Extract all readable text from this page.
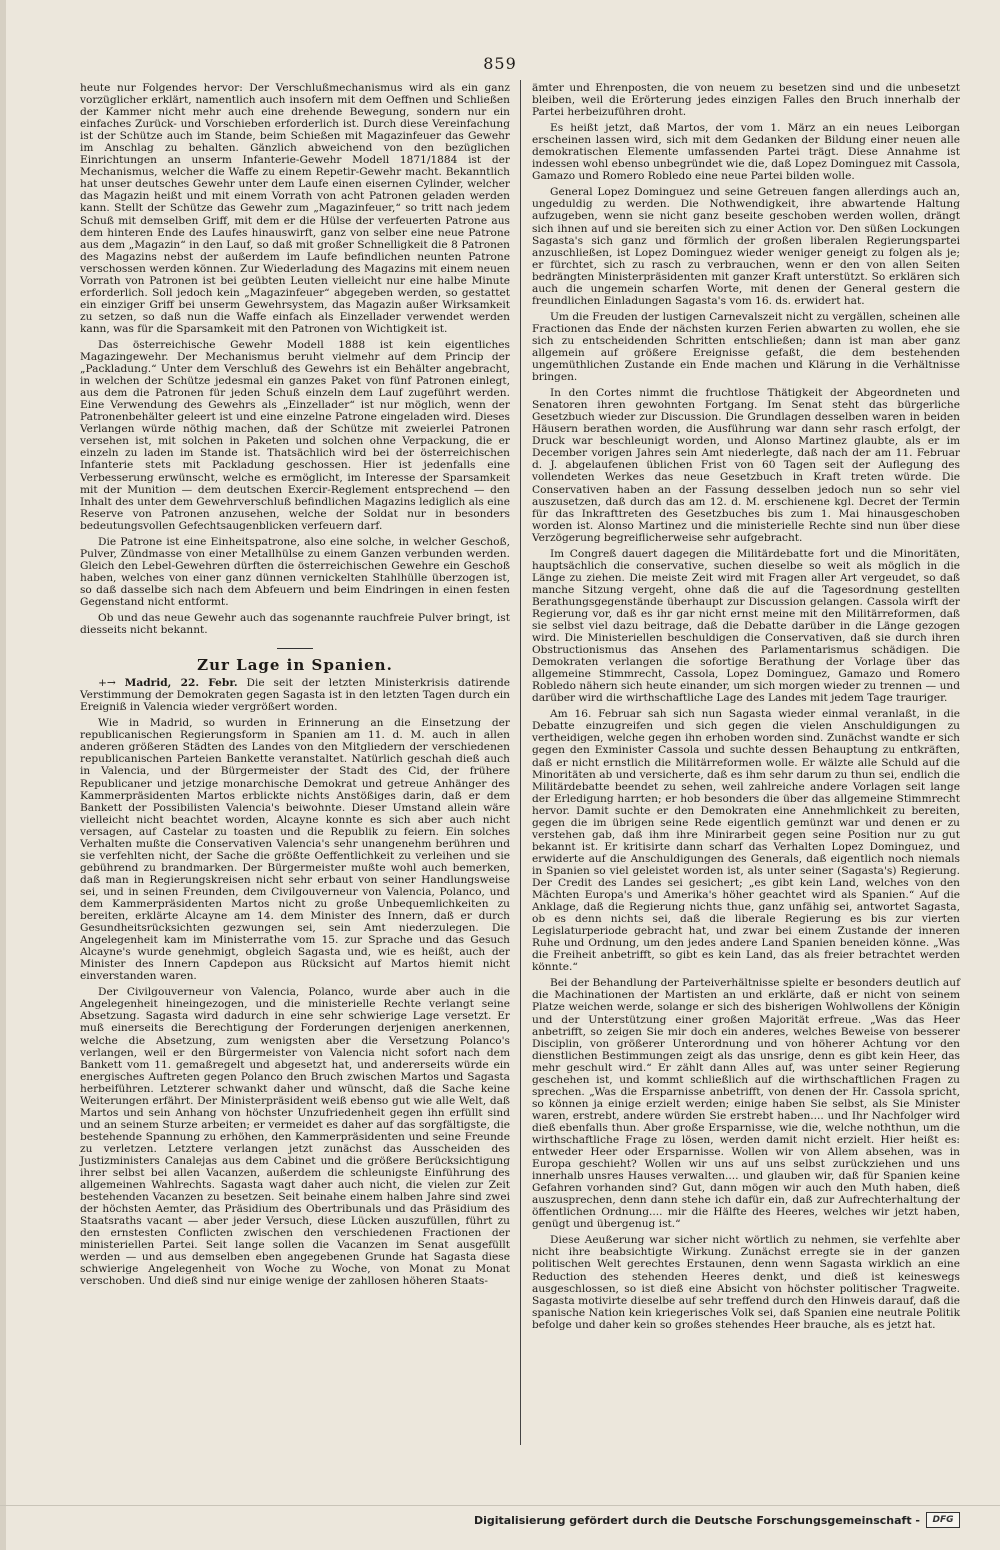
859

heute nur Folgendes hervor: Der Verschlußmechanismus wird als ein ganz vorzüglicher erklärt, namentlich auch insofern mit dem Oeffnen und Schließen der Kammer nicht mehr auch eine drehende Bewegung, sondern nur ein einfaches Zurück- und Vorschieben erforderlich ist. Durch diese Vereinfachung ist der Schütze auch im Stande, beim Schießen mit Magazinfeuer das Gewehr im Anschlag zu behalten. Gänzlich abweichend von den bezüglichen Einrichtungen an unserm Infanterie-Gewehr Modell 1871/1884 ist der Mechanismus, welcher die Waffe zu einem Repetir-Gewehr macht. Bekanntlich hat unser deutsches Gewehr unter dem Laufe einen eisernen Cylinder, welcher das Magazin heißt und mit einem Vorrath von acht Patronen geladen werden kann. Stellt der Schütze das Gewehr zum „Magazinfeuer,“ so tritt nach jedem Schuß mit demselben Griff, mit dem er die Hülse der verfeuerten Patrone aus dem hinteren Ende des Laufes hinauswirft, ganz von selber eine neue Patrone aus dem „Magazin“ in den Lauf, so daß mit großer Schnelligkeit die 8 Patronen des Magazins nebst der außerdem im Laufe befindlichen neunten Patrone verschossen werden können. Zur Wiederladung des Magazins mit einem neuen Vorrath von Patronen ist bei geübten Leuten vielleicht nur eine halbe Minute erforderlich. Soll jedoch kein „Magazinfeuer“ abgegeben werden, so gestattet ein einziger Griff bei unserm Gewehrsystem, das Magazin außer Wirksamkeit zu setzen, so daß nun die Waffe einfach als Einzellader verwendet werden kann, was für die Sparsamkeit mit den Patronen von Wichtigkeit ist.

Das österreichische Gewehr Modell 1888 ist kein eigentliches Magazingewehr. Der Mechanismus beruht vielmehr auf dem Princip der „Packladung.“ Unter dem Verschluß des Gewehrs ist ein Behälter angebracht, in welchen der Schütze jedesmal ein ganzes Paket von fünf Patronen einlegt, aus dem die Patronen für jeden Schuß einzeln dem Lauf zugeführt werden. Eine Verwendung des Gewehrs als „Einzellader“ ist nur möglich, wenn der Patronenbehälter geleert ist und eine einzelne Patrone eingeladen wird. Dieses Verlangen würde nöthig machen, daß der Schütze mit zweierlei Patronen versehen ist, mit solchen in Paketen und solchen ohne Verpackung, die er einzeln zu laden im Stande ist. Thatsächlich wird bei der österreichischen Infanterie stets mit Packladung geschossen. Hier ist jedenfalls eine Verbesserung erwünscht, welche es ermöglicht, im Interesse der Sparsamkeit mit der Munition — dem deutschen Exercir-Reglement entsprechend — den Inhalt des unter dem Gewehrverschluß befindlichen Magazins lediglich als eine Reserve von Patronen anzusehen, welche der Soldat nur in besonders bedeutungsvollen Gefechtsaugenblicken verfeuern darf.

Die Patrone ist eine Einheitspatrone, also eine solche, in welcher Geschoß, Pulver, Zündmasse von einer Metallhülse zu einem Ganzen verbunden werden. Gleich den Lebel-Gewehren dürften die österreichischen Gewehre ein Geschoß haben, welches von einer ganz dünnen vernickelten Stahlhülle überzogen ist, so daß dasselbe sich nach dem Abfeuern und beim Eindringen in einen festen Gegenstand nicht entformt.

Ob und das neue Gewehr auch das sogenannte rauchfreie Pulver bringt, ist diesseits nicht bekannt.

Zur Lage in Spanien.

+→ Madrid, 22. Febr. Die seit der letzten Ministerkrisis datirende Verstimmung der Demokraten gegen Sagasta ist in den letzten Tagen durch ein Ereigniß in Valencia wieder vergrößert worden.

Wie in Madrid, so wurden in Erinnerung an die Einsetzung der republicanischen Regierungsform in Spanien am 11. d. M. auch in allen anderen größeren Städten des Landes von den Mitgliedern der verschiedenen republicanischen Parteien Bankette veranstaltet. Natürlich geschah dieß auch in Valencia, und der Bürgermeister der Stadt des Cid, der frühere Republicaner und jetzige monarchische Demokrat und getreue Anhänger des Kammerpräsidenten Martos erblickte nichts Anstößiges darin, daß er dem Bankett der Possibilisten Valencia's beiwohnte. Dieser Umstand allein wäre vielleicht nicht beachtet worden, Alcayne konnte es sich aber auch nicht versagen, auf Castelar zu toasten und die Republik zu feiern. Ein solches Verhalten mußte die Conservativen Valencia's sehr unangenehm berühren und sie verfehlten nicht, der Sache die größte Oeffentlichkeit zu verleihen und sie gebührend zu brandmarken. Der Bürgermeister mußte wohl auch bemerken, daß man in Regierungskreisen nicht sehr erbaut von seiner Handlungsweise sei, und in seinen Freunden, dem Civilgouverneur von Valencia, Polanco, und dem Kammerpräsidenten Martos nicht zu große Unbequemlichkeiten zu bereiten, erklärte Alcayne am 14. dem Minister des Innern, daß er durch Gesundheitsrücksichten gezwungen sei, sein Amt niederzulegen. Die Angelegenheit kam im Ministerrathe vom 15. zur Sprache und das Gesuch Alcayne's wurde genehmigt, obgleich Sagasta und, wie es heißt, auch der Minister des Innern Capdepon aus Rücksicht auf Martos hiemit nicht einverstanden waren.

Der Civilgouverneur von Valencia, Polanco, wurde aber auch in die Angelegenheit hineingezogen, und die ministerielle Rechte verlangt seine Absetzung. Sagasta wird dadurch in eine sehr schwierige Lage versetzt. Er muß einerseits die Berechtigung der Forderungen derjenigen anerkennen, welche die Absetzung, zum wenigsten aber die Versetzung Polanco's verlangen, weil er den Bürgermeister von Valencia nicht sofort nach dem Bankett vom 11. gemaßregelt und abgesetzt hat, und andererseits würde ein energisches Auftreten gegen Polanco den Bruch zwischen Martos und Sagasta herbeiführen. Letzterer schwankt daher und wünscht, daß die Sache keine Weiterungen erfährt. Der Ministerpräsident weiß ebenso gut wie alle Welt, daß Martos und sein Anhang von höchster Unzufriedenheit gegen ihn erfüllt sind und an seinem Sturze arbeiten; er vermeidet es daher auf das sorgfältigste, die bestehende Spannung zu erhöhen, den Kammerpräsidenten und seine Freunde zu verletzen. Letztere verlangen jetzt zunächst das Ausscheiden des Justizministers Canalejas aus dem Cabinet und die größere Berücksichtigung ihrer selbst bei allen Vacanzen, außerdem die schleunigste Einführung des allgemeinen Wahlrechts. Sagasta wagt daher auch nicht, die vielen zur Zeit bestehenden Vacanzen zu besetzen. Seit beinahe einem halben Jahre sind zwei der höchsten Aemter, das Präsidium des Obertribunals und das Präsidium des Staatsraths vacant — aber jeder Versuch, diese Lücken auszufüllen, führt zu den ernstesten Conflicten zwischen den verschiedenen Fractionen der ministeriellen Partei. Seit lange sollen die Vacanzen im Senat ausgefüllt werden — und aus demselben eben angegebenen Grunde hat Sagasta diese schwierige Angelegenheit von Woche zu Woche, von Monat zu Monat verschoben. Und dieß sind nur einige wenige der zahllosen höheren Staats-

ämter und Ehrenposten, die von neuem zu besetzen sind und die unbesetzt bleiben, weil die Erörterung jedes einzigen Falles den Bruch innerhalb der Partei herbeizuführen droht.

Es heißt jetzt, daß Martos, der vom 1. März an ein neues Leiborgan erscheinen lassen wird, sich mit dem Gedanken der Bildung einer neuen alle demokratischen Elemente umfassenden Partei trägt. Diese Annahme ist indessen wohl ebenso unbegründet wie die, daß Lopez Dominguez mit Cassola, Gamazo und Romero Robledo eine neue Partei bilden wolle.

General Lopez Dominguez und seine Getreuen fangen allerdings auch an, ungeduldig zu werden. Die Nothwendigkeit, ihre abwartende Haltung aufzugeben, wenn sie nicht ganz beseite geschoben werden wollen, drängt sich ihnen auf und sie bereiten sich zu einer Action vor. Den süßen Lockungen Sagasta's sich ganz und förmlich der großen liberalen Regierungspartei anzuschließen, ist Lopez Dominguez wieder weniger geneigt zu folgen als je; er fürchtet, sich zu rasch zu verbrauchen, wenn er den von allen Seiten bedrängten Ministerpräsidenten mit ganzer Kraft unterstützt. So erklären sich auch die ungemein scharfen Worte, mit denen der General gestern die freundlichen Einladungen Sagasta's vom 16. ds. erwidert hat.

Um die Freuden der lustigen Carnevalszeit nicht zu vergällen, scheinen alle Fractionen das Ende der nächsten kurzen Ferien abwarten zu wollen, ehe sie sich zu entscheidenden Schritten entschließen; dann ist man aber ganz allgemein auf größere Ereignisse gefaßt, die dem bestehenden ungemüthlichen Zustande ein Ende machen und Klärung in die Verhältnisse bringen.

In den Cortes nimmt die fruchtlose Thätigkeit der Abgeordneten und Senatoren ihren gewohnten Fortgang. Im Senat steht das bürgerliche Gesetzbuch wieder zur Discussion. Die Grundlagen desselben waren in beiden Häusern berathen worden, die Ausführung war dann sehr rasch erfolgt, der Druck war beschleunigt worden, und Alonso Martinez glaubte, als er im December vorigen Jahres sein Amt niederlegte, daß nach der am 11. Februar d. J. abgelaufenen üblichen Frist von 60 Tagen seit der Auflegung des vollendeten Werkes das neue Gesetzbuch in Kraft treten würde. Die Conservativen haben an der Fassung desselben jedoch nun so sehr viel auszusetzen, daß durch das am 12. d. M. erschienene kgl. Decret der Termin für das Inkrafttreten des Gesetzbuches bis zum 1. Mai hinausgeschoben worden ist. Alonso Martinez und die ministerielle Rechte sind nun über diese Verzögerung begreiflicherweise sehr aufgebracht.

Im Congreß dauert dagegen die Militärdebatte fort und die Minoritäten, hauptsächlich die conservative, suchen dieselbe so weit als möglich in die Länge zu ziehen. Die meiste Zeit wird mit Fragen aller Art vergeudet, so daß manche Sitzung vergeht, ohne daß die auf die Tagesordnung gestellten Berathungsgegenstände überhaupt zur Discussion gelangen. Cassola wirft der Regierung vor, daß es ihr gar nicht ernst meine mit den Militärreformen, daß sie selbst viel dazu beitrage, daß die Debatte darüber in die Länge gezogen wird. Die Ministeriellen beschuldigen die Conservativen, daß sie durch ihren Obstructionismus das Ansehen des Parlamentarismus schädigen. Die Demokraten verlangen die sofortige Berathung der Vorlage über das allgemeine Stimmrecht, Cassola, Lopez Dominguez, Gamazo und Romero Robledo nähern sich heute einander, um sich morgen wieder zu trennen — und darüber wird die wirthschaftliche Lage des Landes mit jedem Tage trauriger.

Am 16. Februar sah sich nun Sagasta wieder einmal veranlaßt, in die Debatte einzugreifen und sich gegen die vielen Anschuldigungen zu vertheidigen, welche gegen ihn erhoben worden sind. Zunächst wandte er sich gegen den Exminister Cassola und suchte dessen Behauptung zu entkräften, daß er nicht ernstlich die Militärreformen wolle. Er wälzte alle Schuld auf die Minoritäten ab und versicherte, daß es ihm sehr darum zu thun sei, endlich die Militärdebatte beendet zu sehen, weil zahlreiche andere Vorlagen seit lange der Erledigung harrten; er hob besonders die über das allgemeine Stimmrecht hervor. Damit suchte er den Demokraten eine Annehmlichkeit zu bereiten, gegen die im übrigen seine Rede eigentlich gemünzt war und denen er zu verstehen gab, daß ihm ihre Minirarbeit gegen seine Position nur zu gut bekannt ist. Er kritisirte dann scharf das Verhalten Lopez Dominguez, und erwiderte auf die Anschuldigungen des Generals, daß eigentlich noch niemals in Spanien so viel geleistet worden ist, als unter seiner (Sagasta's) Regierung. Der Credit des Landes sei gesichert; „es gibt kein Land, welches von den Mächten Europa's und Amerika's höher geachtet wird als Spanien.“ Auf die Anklage, daß die Regierung nichts thue, ganz unfähig sei, antwortet Sagasta, ob es denn nichts sei, daß die liberale Regierung es bis zur vierten Legislaturperiode gebracht hat, und zwar bei einem Zustande der inneren Ruhe und Ordnung, um den jedes andere Land Spanien beneiden könne. „Was die Freiheit anbetrifft, so gibt es kein Land, das als freier betrachtet werden könnte.“

Bei der Behandlung der Parteiverhältnisse spielte er besonders deutlich auf die Machinationen der Martisten an und erklärte, daß er nicht von seinem Platze weichen werde, solange er sich des bisherigen Wohlwollens der Königin und der Unterstützung einer großen Majorität erfreue. „Was das Heer anbetrifft, so zeigen Sie mir doch ein anderes, welches Beweise von besserer Disciplin, von größerer Unterordnung und von höherer Achtung vor den dienstlichen Bestimmungen zeigt als das unsrige, denn es gibt kein Heer, das mehr geschult wird.“ Er zählt dann Alles auf, was unter seiner Regierung geschehen ist, und kommt schließlich auf die wirthschaftlichen Fragen zu sprechen. „Was die Ersparnisse anbetrifft, von denen der Hr. Cassola spricht, so können ja einige erzielt werden; einige haben Sie selbst, als Sie Minister waren, erstrebt, andere würden Sie erstrebt haben.... und Ihr Nachfolger wird dieß ebenfalls thun. Aber große Ersparnisse, wie die, welche noththun, um die wirthschaftliche Frage zu lösen, werden damit nicht erzielt. Hier heißt es: entweder Heer oder Ersparnisse. Wollen wir von Allem absehen, was in Europa geschieht? Wollen wir uns auf uns selbst zurückziehen und uns innerhalb unsres Hauses verwalten.... und glauben wir, daß für Spanien keine Gefahren vorhanden sind? Gut, dann mögen wir auch den Muth haben, dieß auszusprechen, denn dann stehe ich dafür ein, daß zur Aufrechterhaltung der öffentlichen Ordnung.... mir die Hälfte des Heeres, welches wir jetzt haben, genügt und übergenug ist.“

Diese Aeußerung war sicher nicht wörtlich zu nehmen, sie verfehlte aber nicht ihre beabsichtigte Wirkung. Zunächst erregte sie in der ganzen politischen Welt gerechtes Erstaunen, denn wenn Sagasta wirklich an eine Reduction des stehenden Heeres denkt, und dieß ist keineswegs ausgeschlossen, so ist dieß eine Absicht von höchster politischer Tragweite. Sagasta motivirte dieselbe auf sehr treffend durch den Hinweis darauf, daß die spanische Nation kein kriegerisches Volk sei, daß Spanien eine neutrale Politik befolge und daher kein so großes stehendes Heer brauche, als es jetzt hat.

Digitalisierung gefördert durch die Deutsche Forschungsgemeinschaft -	DFG
